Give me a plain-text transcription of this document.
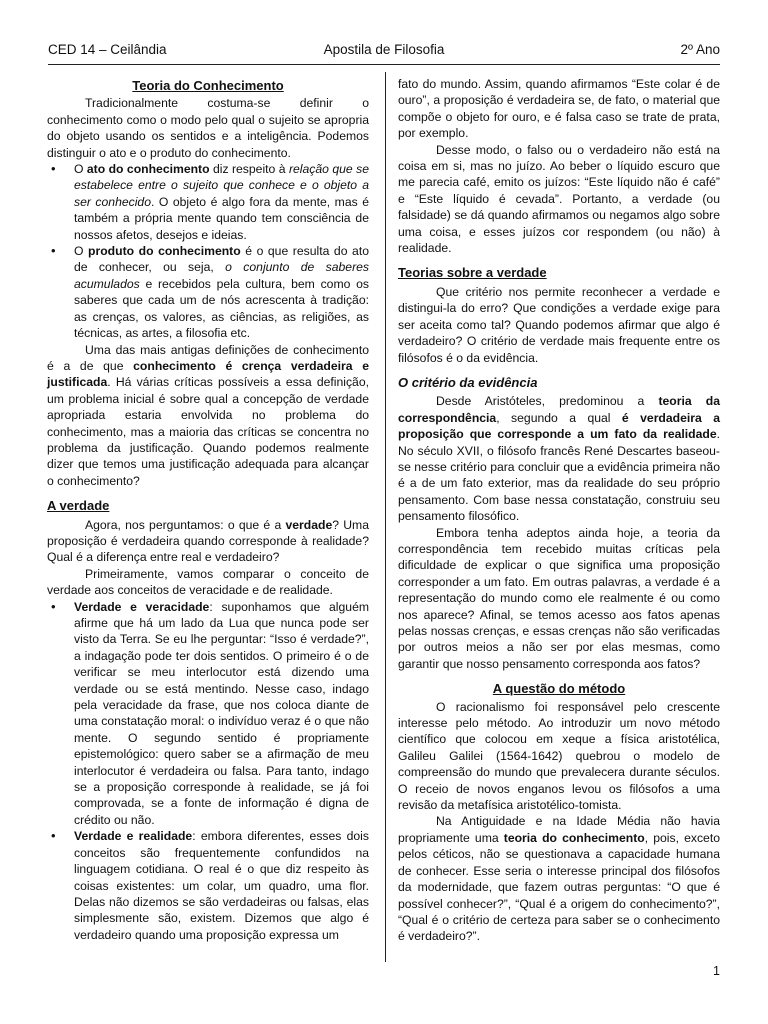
CED 14 – Ceilândia	Apostila de Filosofia	2º Ano
Teoria do Conhecimento

Tradicionalmente costuma-se definir o conhecimento como o modo pelo qual o sujeito se apropria do objeto usando os sentidos e a inteligência. Podemos distinguir o ato e o produto do conhecimento.

• O ato do conhecimento diz respeito à relação que se estabelece entre o sujeito que conhece e o objeto a ser conhecido. O objeto é algo fora da mente, mas é também a própria mente quando tem consciência de nossos afetos, desejos e ideias.
• O produto do conhecimento é o que resulta do ato de conhecer, ou seja, o conjunto de saberes acumulados e recebidos pela cultura, bem como os saberes que cada um de nós acrescenta à tradição: as crenças, os valores, as ciências, as religiões, as técnicas, as artes, a filosofia etc.

Uma das mais antigas definições de conhecimento é a de que conhecimento é crença verdadeira e justificada. Há várias críticas possíveis a essa definição, um problema inicial é sobre qual a concepção de verdade apropriada estaria envolvida no problema do conhecimento, mas a maioria das críticas se concentra no problema da justificação. Quando podemos realmente dizer que temos uma justificação adequada para alcançar o conhecimento?

A verdade

Agora, nos perguntamos: o que é a verdade? Uma proposição é verdadeira quando corresponde à realidade? Qual é a diferença entre real e verdadeiro?

Primeiramente, vamos comparar o conceito de verdade aos conceitos de veracidade e de realidade.

• Verdade e veracidade: suponhamos que alguém afirme que há um lado da Lua que nunca pode ser visto da Terra. Se eu lhe perguntar: “Isso é verdade?”, a indagação pode ter dois sentidos. O primeiro é o de verificar se meu interlocutor está dizendo uma verdade ou se está mentindo. Nesse caso, indago pela veracidade da frase, que nos coloca diante de uma constatação moral: o indivíduo veraz é o que não mente. O segundo sentido é propriamente epistemológico: quero saber se a afirmação de meu interlocutor é verdadeira ou falsa. Para tanto, indago se a proposição corresponde à realidade, se já foi comprovada, se a fonte de informação é digna de crédito ou não.
• Verdade e realidade: embora diferentes, esses dois conceitos são frequentemente confundidos na linguagem cotidiana. O real é o que diz respeito às coisas existentes: um colar, um quadro, uma flor. Delas não dizemos se são verdadeiras ou falsas, elas simplesmente são, existem. Dizemos que algo é verdadeiro quando uma proposição expressa um

fato do mundo. Assim, quando afirmamos “Este colar é de ouro”, a proposição é verdadeira se, de fato, o material que compõe o objeto for ouro, e é falsa caso se trate de prata, por exemplo.

Desse modo, o falso ou o verdadeiro não está na coisa em si, mas no juízo. Ao beber o líquido escuro que me parecia café, emito os juízos: “Este líquido não é café” e “Este líquido é cevada”. Portanto, a verdade (ou falsidade) se dá quando afirmamos ou negamos algo sobre uma coisa, e esses juízos cor respondem (ou não) à realidade.

Teorias sobre a verdade

Que critério nos permite reconhecer a verdade e distingui-la do erro? Que condições a verdade exige para ser aceita como tal? Quando podemos afirmar que algo é verdadeiro? O critério de verdade mais frequente entre os filósofos é o da evidência.

O critério da evidência

Desde Aristóteles, predominou a teoria da correspondência, segundo a qual é verdadeira a proposição que corresponde a um fato da realidade. No século XVII, o filósofo francês René Descartes baseou-se nesse critério para concluir que a evidência primeira não é a de um fato exterior, mas da realidade do seu próprio pensamento. Com base nessa constatação, construiu seu pensamento filosófico.

Embora tenha adeptos ainda hoje, a teoria da correspondência tem recebido muitas críticas pela dificuldade de explicar o que significa uma proposição corresponder a um fato. Em outras palavras, a verdade é a representação do mundo como ele realmente é ou como nos aparece? Afinal, se temos acesso aos fatos apenas pelas nossas crenças, e essas crenças não são verificadas por outros meios a não ser por elas mesmas, como garantir que nosso pensamento corresponda aos fatos?

A questão do método

O racionalismo foi responsável pelo crescente interesse pelo método. Ao introduzir um novo método científico que colocou em xeque a física aristotélica, Galileu Galilei (1564-1642) quebrou o modelo de compreensão do mundo que prevalecera durante séculos. O receio de novos enganos levou os filósofos a uma revisão da metafísica aristotélico-tomista.

Na Antiguidade e na Idade Média não havia propriamente uma teoria do conhecimento, pois, exceto pelos céticos, não se questionava a capacidade humana de conhecer. Esse seria o interesse principal dos filósofos da modernidade, que fazem outras perguntas: “O que é possível conhecer?”, “Qual é a origem do conhecimento?”, “Qual é o critério de certeza para saber se o conhecimento é verdadeiro?”.

1
